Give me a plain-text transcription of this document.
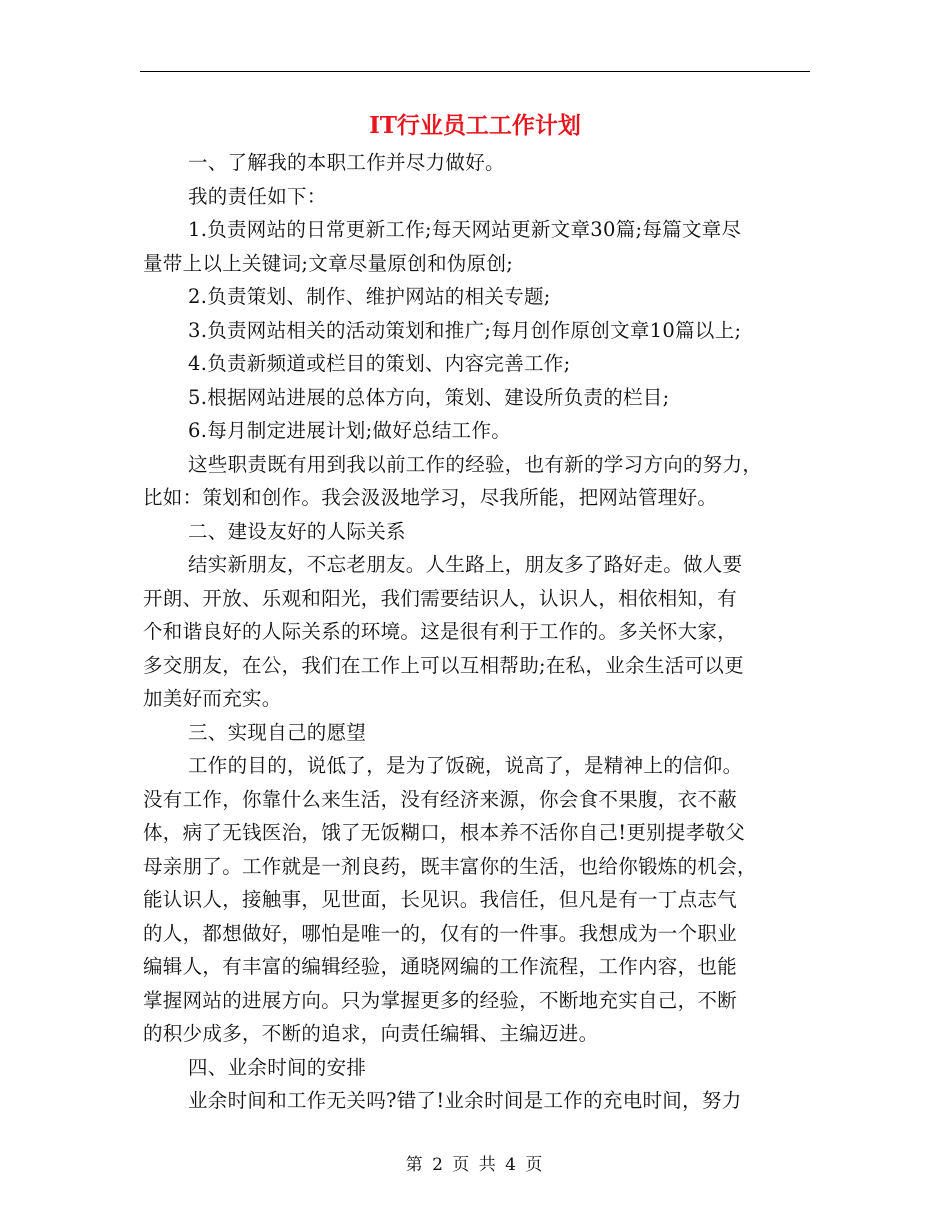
IT行业员工工作计划
一、了解我的本职工作并尽力做好。
我的责任如下：
1.负责网站的日常更新工作;每天网站更新文章30篇;每篇文章尽
量带上以上关键词;文章尽量原创和伪原创;
2.负责策划、制作、维护网站的相关专题;
3.负责网站相关的活动策划和推广;每月创作原创文章10篇以上;
4.负责新频道或栏目的策划、内容完善工作;
5.根据网站进展的总体方向，策划、建设所负责的栏目;
6.每月制定进展计划;做好总结工作。
这些职责既有用到我以前工作的经验，也有新的学习方向的努力，
比如：策划和创作。我会汲汲地学习，尽我所能，把网站管理好。
二、建设友好的人际关系
结实新朋友，不忘老朋友。人生路上，朋友多了路好走。做人要
开朗、开放、乐观和阳光，我们需要结识人，认识人，相依相知，有
个和谐良好的人际关系的环境。这是很有利于工作的。多关怀大家，
多交朋友，在公，我们在工作上可以互相帮助;在私，业余生活可以更
加美好而充实。
三、实现自己的愿望
工作的目的，说低了，是为了饭碗，说高了，是精神上的信仰。
没有工作，你靠什么来生活，没有经济来源，你会食不果腹，衣不蔽
体，病了无钱医治，饿了无饭糊口，根本养不活你自己!更别提孝敬父
母亲朋了。工作就是一剂良药，既丰富你的生活，也给你锻炼的机会，
能认识人，接触事，见世面，长见识。我信任，但凡是有一丁点志气
的人，都想做好，哪怕是唯一的，仅有的一件事。我想成为一个职业
编辑人，有丰富的编辑经验，通晓网编的工作流程，工作内容，也能
掌握网站的进展方向。只为掌握更多的经验，不断地充实自己，不断
的积少成多，不断的追求，向责任编辑、主编迈进。
四、业余时间的安排
业余时间和工作无关吗?错了!业余时间是工作的充电时间，努力
第 2 页 共 4 页
